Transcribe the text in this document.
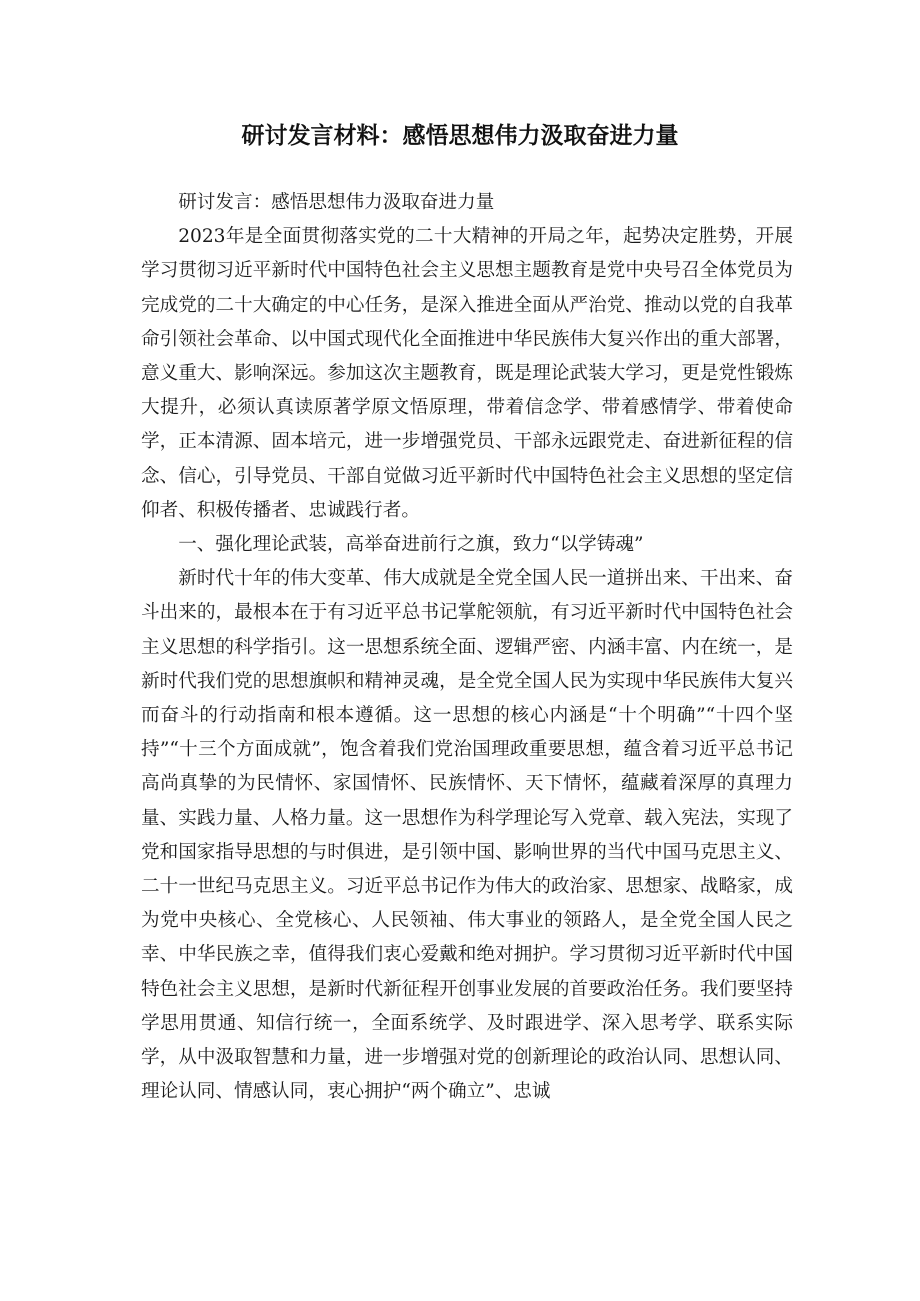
研讨发言材料：感悟思想伟力汲取奋进力量

研讨发言：感悟思想伟力汲取奋进力量

2023年是全面贯彻落实党的二十大精神的开局之年，起势决定胜势，开展学习贯彻习近平新时代中国特色社会主义思想主题教育是党中央号召全体党员为完成党的二十大确定的中心任务，是深入推进全面从严治党、推动以党的自我革命引领社会革命、以中国式现代化全面推进中华民族伟大复兴作出的重大部署，意义重大、影响深远。参加这次主题教育，既是理论武装大学习，更是党性锻炼大提升，必须认真读原著学原文悟原理，带着信念学、带着感情学、带着使命学，正本清源、固本培元，进一步增强党员、干部永远跟党走、奋进新征程的信念、信心，引导党员、干部自觉做习近平新时代中国特色社会主义思想的坚定信仰者、积极传播者、忠诚践行者。

一、强化理论武装，高举奋进前行之旗，致力“以学铸魂”

新时代十年的伟大变革、伟大成就是全党全国人民一道拼出来、干出来、奋斗出来的，最根本在于有习近平总书记掌舵领航，有习近平新时代中国特色社会主义思想的科学指引。这一思想系统全面、逻辑严密、内涵丰富、内在统一，是新时代我们党的思想旗帜和精神灵魂，是全党全国人民为实现中华民族伟大复兴而奋斗的行动指南和根本遵循。这一思想的核心内涵是“十个明确”“十四个坚持”“十三个方面成就”，饱含着我们党治国理政重要思想，蕴含着习近平总书记高尚真挚的为民情怀、家国情怀、民族情怀、天下情怀，蕴藏着深厚的真理力量、实践力量、人格力量。这一思想作为科学理论写入党章、载入宪法，实现了党和国家指导思想的与时俱进，是引领中国、影响世界的当代中国马克思主义、二十一世纪马克思主义。习近平总书记作为伟大的政治家、思想家、战略家，成为党中央核心、全党核心、人民领袖、伟大事业的领路人，是全党全国人民之幸、中华民族之幸，值得我们衷心爱戴和绝对拥护。学习贯彻习近平新时代中国特色社会主义思想，是新时代新征程开创事业发展的首要政治任务。我们要坚持学思用贯通、知信行统一，全面系统学、及时跟进学、深入思考学、联系实际学，从中汲取智慧和力量，进一步增强对党的创新理论的政治认同、思想认同、理论认同、情感认同，衷心拥护“两个确立”、忠诚
